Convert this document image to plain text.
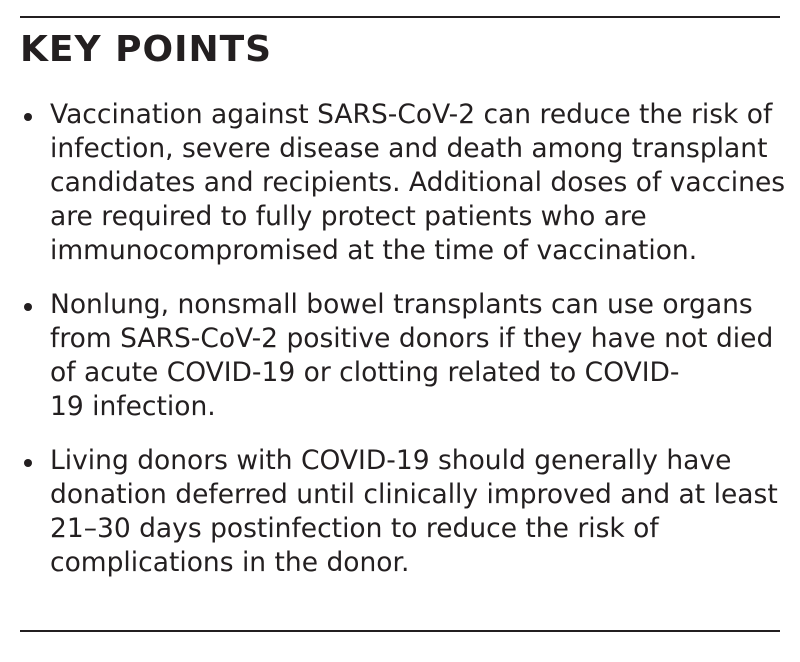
KEY POINTS
Vaccination against SARS-CoV-2 can reduce the risk of
infection, severe disease and death among transplant
candidates and recipients. Additional doses of vaccines
are required to fully protect patients who are
immunocompromised at the time of vaccination.
Nonlung, nonsmall bowel transplants can use organs
from SARS-CoV-2 positive donors if they have not died
of acute COVID-19 or clotting related to COVID-
19 infection.
Living donors with COVID-19 should generally have
donation deferred until clinically improved and at least
21–30 days postinfection to reduce the risk of
complications in the donor.
